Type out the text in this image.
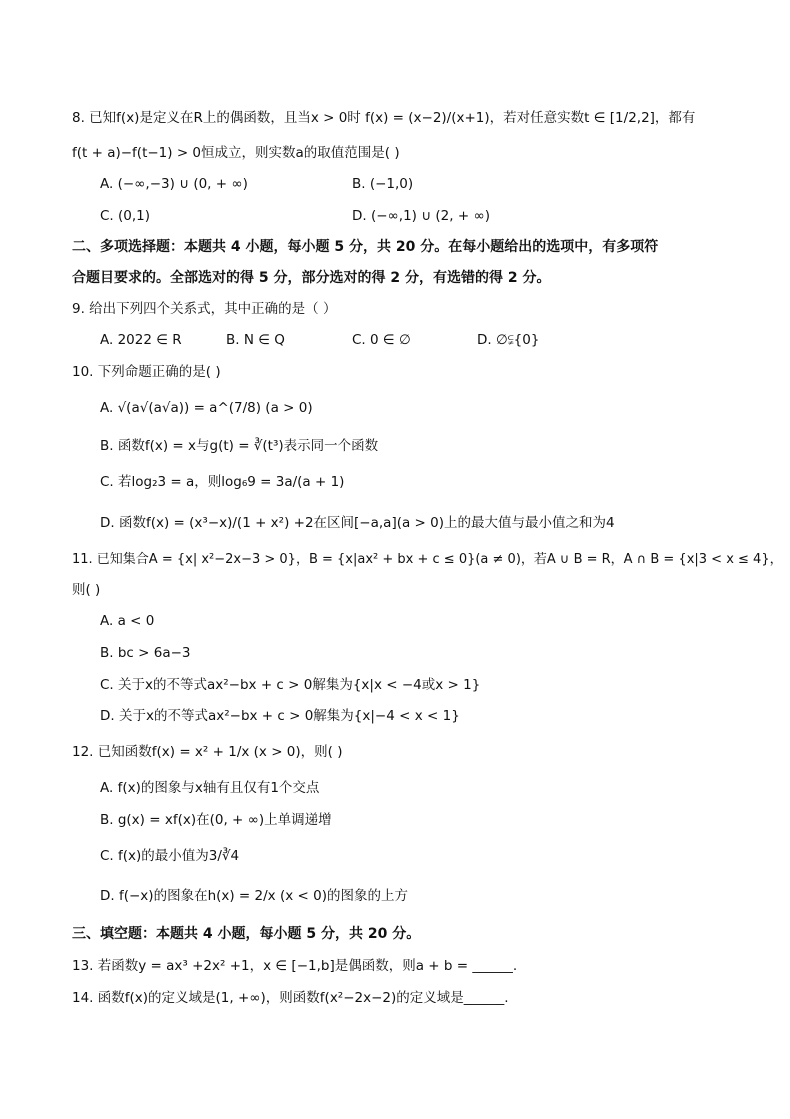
8. 已知f(x)是定义在R上的偶函数，且当x > 0时 f(x) = (x−2)/(x+1)，若对任意实数t ∈ [1/2,2]，都有
f(t + a)−f(t−1) > 0恒成立，则实数a的取值范围是( )
A. (−∞,−3) ∪ (0, + ∞)	B. (−1,0)
C. (0,1)	D. (−∞,1) ∪ (2, + ∞)
二、多项选择题：本题共 4 小题，每小题 5 分，共 20 分。在每小题给出的选项中，有多项符
合题目要求的。全部选对的得 5 分，部分选对的得 2 分，有选错的得 2 分。
9. 给出下列四个关系式，其中正确的是（ ）
A. 2022 ∈ R	B. N ∈ Q	C. 0 ∈ ∅	D. ∅⫋{0}
10. 下列命题正确的是( )
A. √(a√(a√a)) = a^(7/8) (a > 0)
B. 函数f(x) = x与g(t) = ∛(t³)表示同一个函数
C. 若log₂3 = a，则log₆9 = 3a/(a + 1)
D. 函数f(x) = (x³−x)/(1 + x²) +2在区间[−a,a](a > 0)上的最大值与最小值之和为4
11. 已知集合A = {x| x²−2x−3 > 0}，B = {x|ax² + bx + c ≤ 0}(a ≠ 0)，若A ∪ B = R，A ∩ B = {x|3 < x ≤ 4}，
则( )
A. a < 0
B. bc > 6a−3
C. 关于x的不等式ax²−bx + c > 0解集为{x|x < −4或x > 1}
D. 关于x的不等式ax²−bx + c > 0解集为{x|−4 < x < 1}
12. 已知函数f(x) = x² + 1/x (x > 0)，则( )
A. f(x)的图象与x轴有且仅有1个交点
B. g(x) = xf(x)在(0, + ∞)上单调递增
C. f(x)的最小值为3/∛4
D. f(−x)的图象在h(x) = 2/x (x < 0)的图象的上方
三、填空题：本题共 4 小题，每小题 5 分，共 20 分。
13. 若函数y = ax³ +2x² +1，x ∈ [−1,b]是偶函数，则a + b = ______.
14. 函数f(x)的定义域是(1, +∞)，则函数f(x²−2x−2)的定义域是______.
